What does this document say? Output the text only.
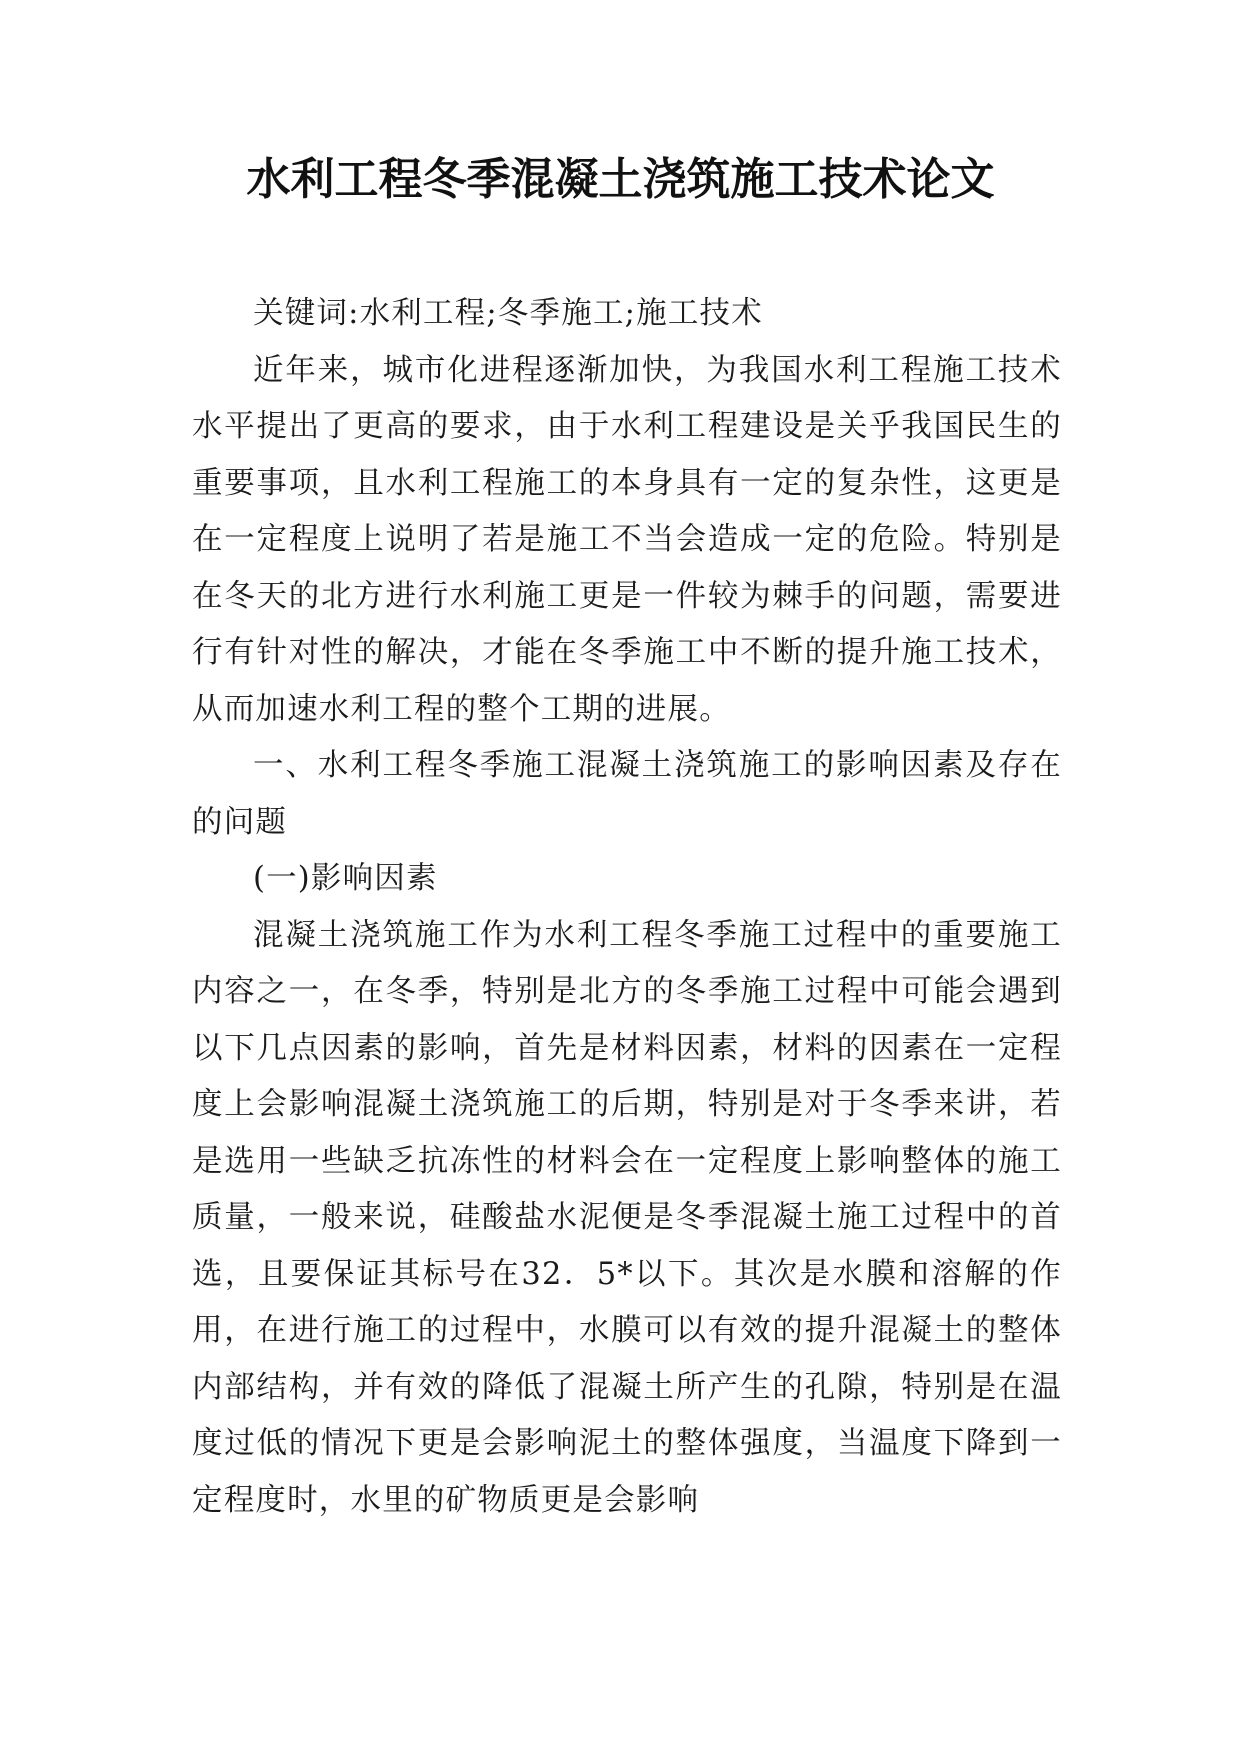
水利工程冬季混凝土浇筑施工技术论文

关键词:水利工程;冬季施工;施工技术

近年来，城市化进程逐渐加快，为我国水利工程施工技术水平提出了更高的要求，由于水利工程建设是关乎我国民生的重要事项，且水利工程施工的本身具有一定的复杂性，这更是在一定程度上说明了若是施工不当会造成一定的危险。特别是在冬天的北方进行水利施工更是一件较为棘手的问题，需要进行有针对性的解决，才能在冬季施工中不断的提升施工技术，从而加速水利工程的整个工期的进展。

一、水利工程冬季施工混凝土浇筑施工的影响因素及存在的问题

(一)影响因素

混凝土浇筑施工作为水利工程冬季施工过程中的重要施工内容之一，在冬季，特别是北方的冬季施工过程中可能会遇到以下几点因素的影响，首先是材料因素，材料的因素在一定程度上会影响混凝土浇筑施工的后期，特别是对于冬季来讲，若是选用一些缺乏抗冻性的材料会在一定程度上影响整体的施工质量，一般来说，硅酸盐水泥便是冬季混凝土施工过程中的首选，且要保证其标号在32．5*以下。其次是水膜和溶解的作用，在进行施工的过程中，水膜可以有效的提升混凝土的整体内部结构，并有效的降低了混凝土所产生的孔隙，特别是在温度过低的情况下更是会影响泥土的整体强度，当温度下降到一定程度时，水里的矿物质更是会影响
